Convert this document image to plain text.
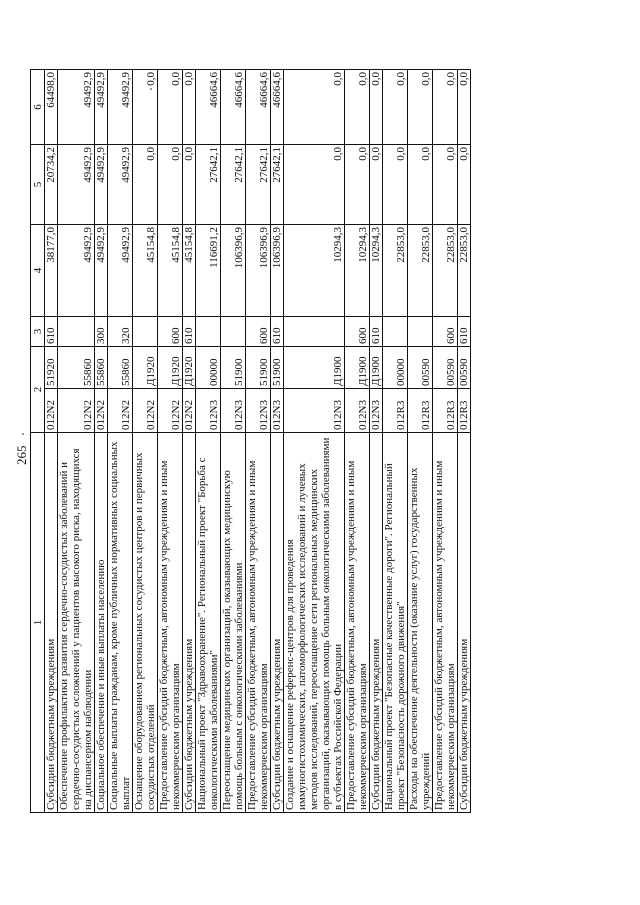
265
1	2		3	4	5	6
Субсидии бюджетным учреждениям	012N2	51920	610	38177,0	20734,2	64498,0
Обеспечение профилактики развития сердечно-сосудистых заболеваний и сердечно-сосудистых осложнений у пациентов высокого риска, находящихся на диспансерном наблюдении	012N2	55860		49492,9	49492,9	49492,9
Социальное обеспечение и иные выплаты населению	012N2	55860	300	49492,9	49492,9	49492,9
Социальные выплаты гражданам, кроме публичных нормативных социальных выплат	012N2	55860	320	49492,9	49492,9	49492,9
Оснащение оборудованием региональных сосудистых центров и первичных сосудистых отделений	012N2	Д1920		45154,8	0,0	0,0
Предоставление субсидий бюджетным, автономным учреждениям и иным некоммерческим организациям	012N2	Д1920	600	45154,8	0,0	0,0
Субсидии бюджетным учреждениям	012N2	Д1920	610	45154,8	0,0	0,0
Национальный проект "Здравоохранение". Региональный проект "Борьба с онкологическими заболеваниями"	012N3	00000		116691,2	27642,1	46664,6
Переоснащение медицинских организаций, оказывающих медицинскую помощь больным с онкологическими заболеваниями	012N3	51900		106396,9	27642,1	46664,6
Предоставление субсидий бюджетным, автономным учреждениям и иным некоммерческим организациям	012N3	51900	600	106396,9	27642,1	46664,6
Субсидии бюджетным учреждениям	012N3	51900	610	106396,9	27642,1	46664,6
Создание и оснащение референс-центров для проведения иммуногистохимических, патоморфологических исследований и лучевых методов исследований, переоснащение сети региональных медицинских организаций, оказывающих помощь больным онкологическими заболеваниями в субъектах Российской Федерации	012N3	Д1900		10294,3	0,0	0,0
Предоставление субсидий бюджетным, автономным учреждениям и иным некоммерческим организациям	012N3	Д1900	600	10294,3	0,0	0,0
Субсидии бюджетным учреждениям	012N3	Д1900	610	10294,3	0,0	0,0
Национальный проект "Безопасные качественные дороги". Региональный проект "Безопасность дорожного движения"	012R3	00000		22853,0	0,0	0,0
Расходы на обеспечение деятельности (оказание услуг) государственных учреждений	012R3	00590		22853,0	0,0	0,0
Предоставление субсидий бюджетным, автономным учреждениям и иным некоммерческим организациям	012R3	00590	600	22853,0	0,0	0,0
Субсидии бюджетным учреждениям	012R3	00590	610	22853,0	0,0	0,0
